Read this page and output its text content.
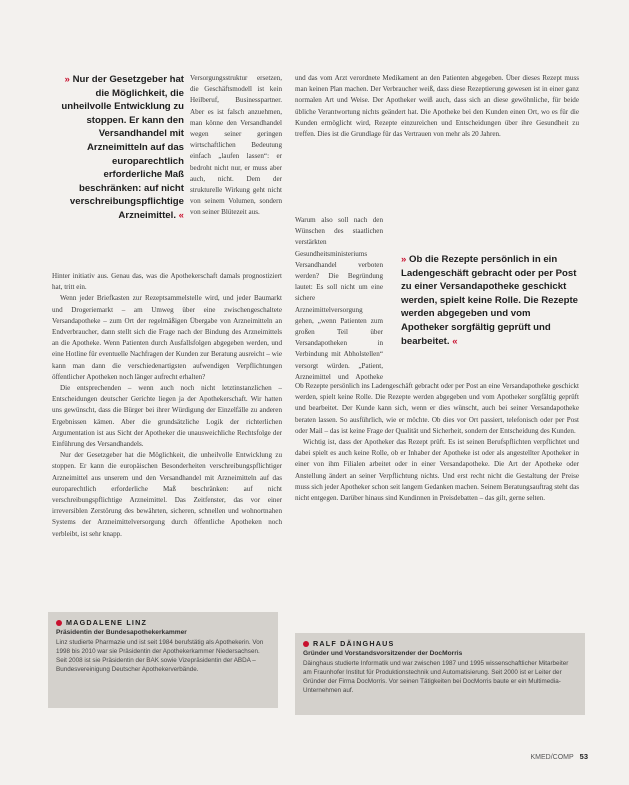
» Nur der Gesetzgeber hat die Möglichkeit, die unheilvolle Entwicklung zu stoppen. Er kann den Versandhandel mit Arzneimitteln auf das europarechtlich erforderliche Maß beschränken: auf nicht verschreibungspflichtige Arzneimittel. «

Versorgungsstruktur ersetzen, die Geschäftsmodell ist kein Heilberuf, Businesspartner. Aber es ist falsch anzuehmen, man könne den Versandhandel wegen seiner geringen wirtschaftlichen Bedeutung einfach „laufen lassen“: er bedroht nicht nur, er muss aber auch, nicht. Dem der strukturelle Wirkung geht nicht von seinem Volumen, sondern von seiner Blütezeit aus.

Hinter initiativ aus. Genau das, was die Apothekerschaft damals prognostiziert hat, tritt ein.

Wenn jeder Briefkasten zur Rezeptsammelstelle wird, und jeder Baumarkt und Drogeriemarkt – am Umweg über eine zwischengeschaltete Versandapotheke – zum Ort der regelmäßigen Übergabe von Arzneimitteln an Endverbraucher, dann stellt sich die Frage nach der Bindung des Arzneimittels an die Apotheke. Wenn Patienten durch Ausfallsfolgen abgegeben werden, und eine Hotline für eventuelle Nachfragen der Kunden zur Beratung ausreicht – wie kann man dann die verschiedenartigsten aufwendigen Verpflichtungen öffentlicher Apotheken noch länger aufrecht erhalten?

Die entsprechenden – wenn auch noch nicht letztinstanzlichen – Entscheidungen deutscher Gerichte liegen ja der Apothekerschaft. Wir hatten uns gewünscht, dass die Bürger bei ihrer Würdigung der Einzelfälle zu anderen Ergebnissen kämen. Aber die grundsätzliche Logik der richterlichen Argumentation ist aus Sicht der Apotheker die unausweichliche Rechtsfolge der Einführung des Versandhandels.

Nur der Gesetzgeber hat die Möglichkeit, die unheilvolle Entwicklung zu stoppen. Er kann die europäischen Besonderheiten verschreibungspflichtiger Arzneimittel aus unserem und den Versandhandel mit Arzneimitteln auf das europarechtlich erforderliche Maß beschränken: auf nicht verschreibungspflichtige Arzneimittel. Das Zeitfenster, das vor einer irreversiblen Zerstörung des bewährten, sicheren, schnellen und wohnortnahen Systems der Arzneimittelversorgung durch öffentliche Apotheken noch verbleibt, ist sehr knapp.

und das vom Arzt verordnete Medikament an den Patienten abgegeben. Über dieses Rezept muss man keinen Plan machen. Der Verbraucher weiß, dass diese Rezeptierung gewesen ist in einer ganz normalen Art und Weise. Der Apotheker weiß auch, dass sich an diese gewöhnliche, für beide übliche Verantwortung nichts geändert hat. Die Apotheke bei den Kunden einen Ort, wo es für die Kunden ermöglicht wird, Rezepte einzureichen und Entscheidungen über ihre Gesundheit zu treffen. Dies ist die Grundlage für das Vertrauen von mehr als 20 Jahren.

Warum also soll nach den Wünschen des staatlichen verstärkten Gesundheitsministeriums Versandhandel verboten werden? Die Begründung lautet: Es soll nicht um eine sichere Arzneimittelversorgung gehen, „wenn Patienten zum großen Teil über Versandapotheken in Verbindung mit Abholstellen“ versorgt würden. „Patient, Arzneimittel und Apotheke

» Ob die Rezepte persönlich in ein Ladengeschäft gebracht oder per Post zu einer Versandapotheke geschickt werden, spielt keine Rolle. Die Rezepte werden abgegeben und vom Apotheker sorgfältig geprüft und bearbeitet. «

Ob Rezepte persönlich ins Ladengeschäft gebracht oder per Post an eine Versandapotheke geschickt werden, spielt keine Rolle. Die Rezepte werden abgegeben und vom Apotheker sorgfältig geprüft und bearbeitet. Der Kunde kann sich, wenn er dies wünscht, auch bei seiner Versandapotheke beraten lassen. So ausführlich, wie er möchte. Ob dies vor Ort passiert, telefonisch oder per Post oder Mail – das ist keine Frage der Qualität und Sicherheit, sondern der Entscheidung des Kunden.

Wichtig ist, dass der Apotheker das Rezept prüft. Es ist seinen Berufspflichten verpflichtet und dabei spielt es auch keine Rolle, ob er Inhaber der Apotheke ist oder als angestellter Apotheker in einer von ihm Filialen arbeitet oder in einer Versandapotheke. Die Art der Apotheke oder Anstellung ändert an seiner Verpflichtung nichts. Und erst recht nicht die Gestaltung der Preise muss sich jeder Apotheker schon seit langem Gedanken machen. Seinem Beratungsauftrag steht das nicht entgegen. Darüber hinaus sind Kundinnen in Preisdebatten – das gilt, gerne selten.

MAGDALENE LINZ
Präsidentin der Bundesapothekerkammer
Linz studierte Pharmazie und ist seit 1984 berufstätig als Apothekerin. Von 1998 bis 2010 war sie Präsidentin der Apothekerkammer Niedersachsen. Seit 2008 ist sie Präsidentin der BAK sowie Vizepräsidentin der ABDA – Bundesvereinigung Deutscher Apothekerverbände.
RALF DÄINGHAUS
Gründer und Vorstandsvorsitzender der DocMorris
Däinghaus studierte Informatik und war zwischen 1987 und 1995 wissenschaftlicher Mitarbeiter am Fraunhofer Institut für Produktionstechnik und Automatisierung. Seit 2000 ist er Leiter der Gründer der Firma DocMorris. Vor seinen Tätigkeiten bei DocMorris baute er ein Multimedia-Unternehmen auf.
KMED/COMP 53
